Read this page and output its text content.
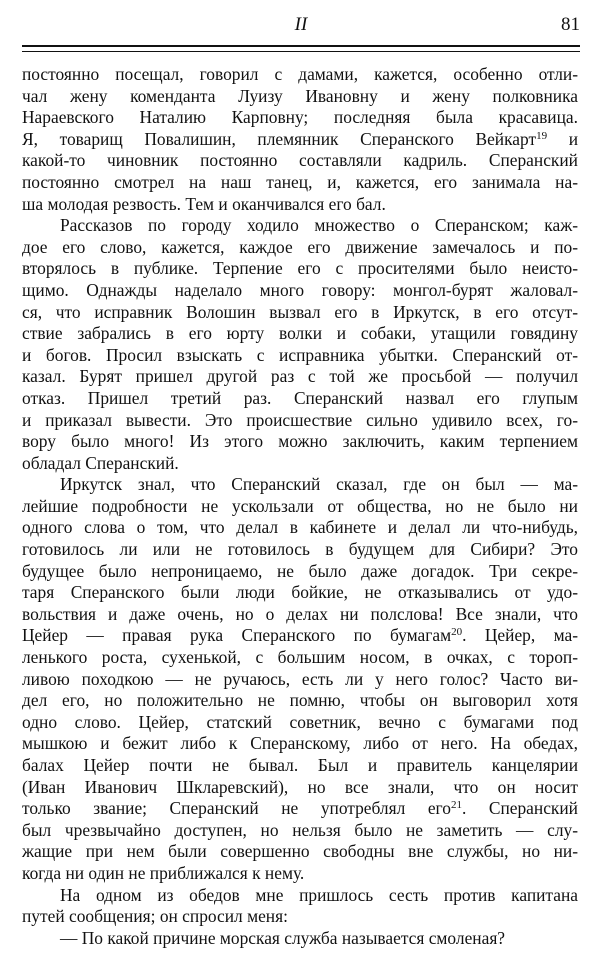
II	81
постоянно посещал, говорил с дамами, кажется, особенно отли-
чал жену коменданта Луизу Ивановну и жену полковника
Нараевского Наталию Карповну; последняя была красавица.
Я, товарищ Повалишин, племянник Сперанского Вейкарт$^{19}$ и
какой-то чиновник постоянно составляли кадриль. Сперанский
постоянно смотрел на наш танец, и, кажется, его занимала на-
ша молодая резвость. Тем и оканчивался его бал.
Рассказов по городу ходило множество о Сперанском; каж-
дое его слово, кажется, каждое его движение замечалось и по-
вторялось в публике. Терпение его с просителями было неисто-
щимо. Однажды наделало много говору: монгол-бурят жаловал-
ся, что исправник Волошин вызвал его в Иркутск, в его отсут-
ствие забрались в его юрту волки и собаки, утащили говядину
и богов. Просил взыскать с исправника убытки. Сперанский от-
казал. Бурят пришел другой раз с той же просьбой — получил
отказ. Пришел третий раз. Сперанский назвал его глупым
и приказал вывести. Это происшествие сильно удивило всех, го-
вору было много! Из этого можно заключить, каким терпением
обладал Сперанский.
Иркутск знал, что Сперанский сказал, где он был — ма-
лейшие подробности не ускользали от общества, но не было ни
одного слова о том, что делал в кабинете и делал ли что-нибудь,
готовилось ли или не готовилось в будущем для Сибири? Это
будущее было непроницаемо, не было даже догадок. Три секре-
таря Сперанского были люди бойкие, не отказывались от удо-
вольствия и даже очень, но о делах ни полслова! Все знали, что
Цейер — правая рука Сперанского по бумагам$^{20}$. Цейер, ма-
ленького роста, сухенькой, с большим носом, в очках, с тороп-
ливою походкою — не ручаюсь, есть ли у него голос? Часто ви-
дел его, но положительно не помню, чтобы он выговорил хотя
одно слово. Цейер, статский советник, вечно с бумагами под
мышкою и бежит либо к Сперанскому, либо от него. На обедах,
балах Цейер почти не бывал. Был и правитель канцелярии
(Иван Иванович Шкларевский), но все знали, что он носит
только звание; Сперанский не употреблял его$^{21}$. Сперанский
был чрезвычайно доступен, но нельзя было не заметить — слу-
жащие при нем были совершенно свободны вне службы, но ни-
когда ни один не приближался к нему.
На одном из обедов мне пришлось сесть против капитана
путей сообщения; он спросил меня:
— По какой причине морская служба называется смоленая?
